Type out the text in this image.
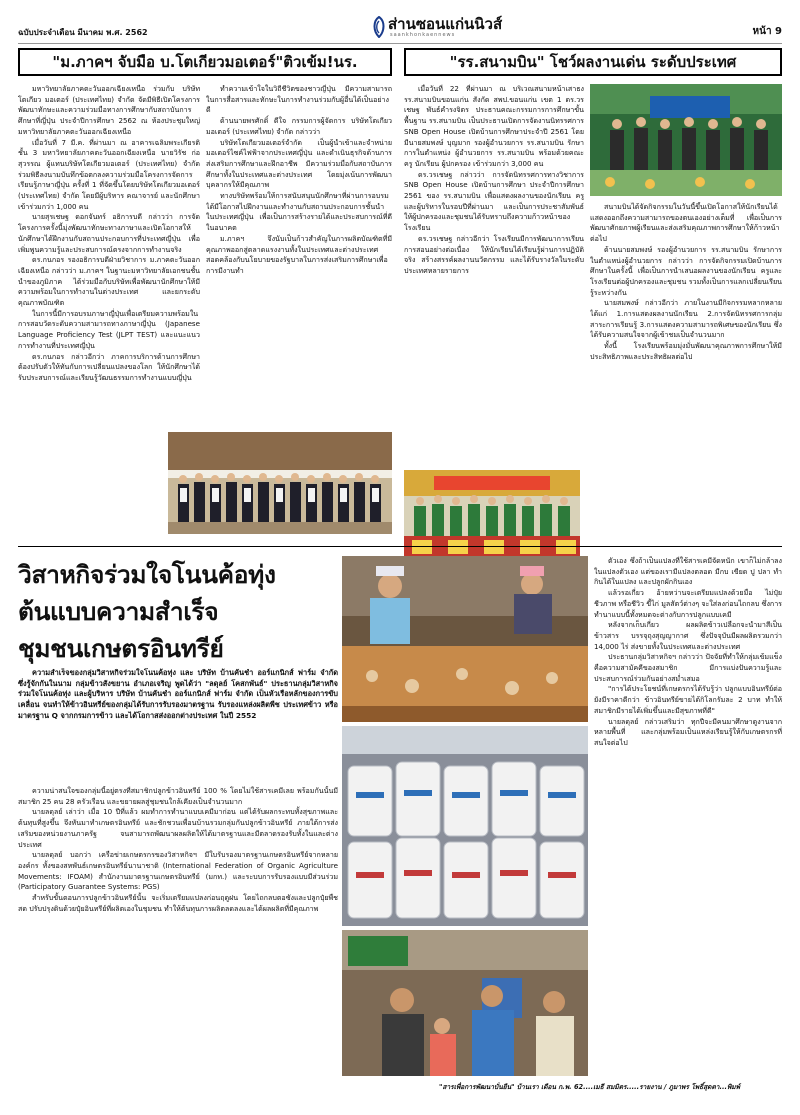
ฉบับประจำเดือน มีนาคม พ.ศ. 2562	ส่านซอนแก่นนิวส์
saankhonkaennews	หน้า 9
"ม.ภาคฯ จับมือ บ.โตเกียวมอเตอร์"ติวเข้ม!นร.	"รร.สนามบิน" โชว์ผลงานเด่น ระดับประเทศ

มหาวิทยาลัยภาคตะวันออกเฉียงเหนือ ร่วมกับ บริษัทโตเกียว มอเตอร์ (ประเทศไทย) จำกัด จัดมีพิธีเปิดโครงการพัฒนาทักษะและความร่วมมือทางการศึกษากับสถาบันการศึกษาที่ญี่ปุ่น ประจำปีการศึกษา 2562 ณ ห้องประชุมใหญ่ มหาวิทยาลัยภาคตะวันออกเฉียงเหนือ

เมื่อวันที่ 7 มี.ค. ที่ผ่านมา ณ อาคารเฉลิมพระเกียรติ ชั้น 3 มหาวิทยาลัยภาคตะวันออกเฉียงเหนือ นายวิรัช ก่อสุวรรณ ผู้แทนบริษัทโตเกียวมอเตอร์ (ประเทศไทย) จำกัด ร่วมพิธีลงนามบันทึกข้อตกลงความร่วมมือโครงการจัดการเรียนรู้ภาษาญี่ปุ่น ครั้งที่ 1 ที่จัดขึ้นโดยบริษัทโตเกียวมอเตอร์ (ประเทศไทย) จำกัด โดยมีผู้บริหาร คณาจารย์ และนักศึกษาเข้าร่วมกว่า 1,000 คน

นายสุรเชษฐ ดอกจันทร์ อธิการบดี กล่าวว่า การจัดโครงการครั้งนี้มุ่งพัฒนาทักษะทางภาษาและเปิดโอกาสให้นักศึกษาได้ฝึกงานกับสถานประกอบการที่ประเทศญี่ปุ่น เพื่อเพิ่มพูนความรู้และประสบการณ์ตรงจากการทำงานจริง

ดร.กนกอร รองอธิการบดีฝ่ายวิชาการ ม.ภาคตะวันออกเฉียงเหนือ กล่าวว่า ม.ภาคฯ ในฐานะมหาวิทยาลัยเอกชนชั้นนำของภูมิภาค ได้ร่วมมือกับบริษัทเพื่อพัฒนานักศึกษาให้มีความพร้อมในการทำงานในต่างประเทศ และยกระดับคุณภาพบัณฑิต

ในการนี้มีการอบรมภาษาญี่ปุ่นเพื่อเตรียมความพร้อมในการสอบวัดระดับความสามารถทางภาษาญี่ปุ่น (Japanese Language Proficiency Test (JLPT TEST) และแนะแนวการทำงานที่ประเทศญี่ปุ่น

ดร.กนกอร กล่าวอีกว่า ภาคการบริการด้านการศึกษาต้องปรับตัวให้ทันกับการเปลี่ยนแปลงของโลก ให้นักศึกษาได้รับประสบการณ์และเรียนรู้วัฒนธรรมการทำงานแบบญี่ปุ่น

ทำความเข้าใจในวิถีชีวิตของชาวญี่ปุ่น มีความสามารถในการสื่อสารและทักษะในการทำงานร่วมกับผู้อื่นได้เป็นอย่างดี

ด้านนายพรศักดิ์ ดีใจ กรรมการผู้จัดการ บริษัทโตเกียวมอเตอร์ (ประเทศไทย) จำกัด กล่าวว่า

บริษัทโตเกียวมอเตอร์จำกัด เป็นผู้นำเข้าและจำหน่ายมอเตอร์ไซค์ไฟฟ้าจากประเทศญี่ปุ่น และดำเนินธุรกิจด้านการส่งเสริมการศึกษาและฝึกอาชีพ มีความร่วมมือกับสถาบันการศึกษาทั้งในประเทศและต่างประเทศ โดยมุ่งเน้นการพัฒนาบุคลากรให้มีคุณภาพ

ทางบริษัทพร้อมให้การสนับสนุนนักศึกษาที่ผ่านการอบรมได้มีโอกาสไปฝึกงานและทำงานกับสถานประกอบการชั้นนำในประเทศญี่ปุ่น เพื่อเป็นการสร้างรายได้และประสบการณ์ที่ดีในอนาคต

ม.ภาคฯ จึงนับเป็นก้าวสำคัญในการผลิตบัณฑิตที่มีคุณภาพออกสู่ตลาดแรงงานทั้งในประเทศและต่างประเทศ สอดคล้องกับนโยบายของรัฐบาลในการส่งเสริมการศึกษาเพื่อการมีงานทำ

เมื่อวันที่ 22 ที่ผ่านมา ณ บริเวณสนามหน้าเสาธง รร.สนามบินขอนแก่น สังกัด สพป.ขอนแก่น เขต 1 ดร.วรเชษฐ พันธ์คำรงจิตร ประธานคณะกรรมการการศึกษาขั้นพื้นฐาน รร.สนามบิน เป็นประธานเปิดการจัดงานนิทรรศการ SNB Open House เปิดบ้านการศึกษาประจำปี 2561 โดยมีนายสมพงษ์ บุญมาก รองผู้อำนวยการ รร.สนามบิน รักษาการในตำแหน่ง ผู้อำนวยการ รร.สนามบิน พร้อมด้วยคณะครู นักเรียน ผู้ปกครอง เข้าร่วมกว่า 3,000 คน

ดร.วรเชษฐ กล่าวว่า การจัดนิทรรศการทางวิชาการ SNB Open House เปิดบ้านการศึกษา ประจำปีการศึกษา 2561 ของ รร.สนามบิน เพื่อแสดงผลงานของนักเรียน ครูและผู้บริหารในรอบปีที่ผ่านมา และเป็นการประชาสัมพันธ์ให้ผู้ปกครองและชุมชนได้รับทราบถึงความก้าวหน้าของโรงเรียน

ดร.วรเชษฐ กล่าวอีกว่า โรงเรียนมีการพัฒนาการเรียนการสอนอย่างต่อเนื่อง ให้นักเรียนได้เรียนรู้ผ่านการปฏิบัติจริง สร้างสรรค์ผลงานนวัตกรรม และได้รับรางวัลในระดับประเทศหลายรายการ

สนามบินได้จัดกิจกรรมในวันนี้ขึ้นเปิดโอกาสให้นักเรียนได้แสดงออกถึงความสามารถของตนเองอย่างเต็มที่ เพื่อเป็นการพัฒนาศักยภาพผู้เรียนและส่งเสริมคุณภาพการศึกษาให้ก้าวหน้าต่อไป

ด้านนายสมพงษ์ รองผู้อำนวยการ รร.สนามบิน รักษาการในตำแหน่งผู้อำนวยการ กล่าวว่า การจัดกิจกรรมเปิดบ้านการศึกษาในครั้งนี้ เพื่อเป็นการนำเสนอผลงานของนักเรียน ครูและโรงเรียนต่อผู้ปกครองและชุมชน รวมทั้งเป็นการแลกเปลี่ยนเรียนรู้ระหว่างกัน

นายสมพงษ์ กล่าวอีกว่า ภายในงานมีกิจกรรมหลากหลาย ได้แก่ 1.การแสดงผลงานนักเรียน 2.การจัดนิทรรศการกลุ่มสาระการเรียนรู้ 3.การแสดงความสามารถพิเศษของนักเรียน ซึ่งได้รับความสนใจจากผู้เข้าชมเป็นจำนวนมาก

ทั้งนี้ โรงเรียนพร้อมมุ่งมั่นพัฒนาคุณภาพการศึกษาให้มีประสิทธิภาพและประสิทธิผลต่อไป

วิสาหกิจร่วมใจโนนค้อทุ่ง
ต้นแบบความสำเร็จ
ชุมชนเกษตรอินทรีย์

ความสำเร็จของกลุ่มวิสาหกิจร่วมใจโนนค้อทุ่ง และ บริษัท บ้านคันชำ ออร์แกนิกส์ ฟาร์ม จำกัด ซึ่งรู้จักกันในนาม กลุ่มข้าวสังขยาน อำเภอเจริญ พูดได้ว่า "ลดุลย์ โคสกพันธ์" ประธานกลุ่มวิสาหกิจร่วมใจโนนค้อทุ่ง และผู้บริหาร บริษัท บ้านคันชำ ออร์แกนิกส์ ฟาร์ม จำกัด เป็นหัวเรือหลักของการขับเคลื่อน จนทำให้ข้าวอินทรีย์ของกลุ่มได้รับการรับรองมาตรฐาน รับรองแหล่งผลิตพืช ประเทศข้าว หรือมาตรฐาน Q จากกรมการข้าว และได้โอกาสส่งออกต่างประเทศ ในปี 2552

ความน่าสนใจของกลุ่มนี้อยู่ตรงที่สมาชิกปลูกข้าวอินทรีย์ 100 % โดยไม่ใช้สารเคมีเลย พร้อมกันนั้นมีสมาชิก 25 คน 28 ครัวเรือน และขยายผลสู่ชุมชนใกล้เคียงเป็นจำนวนมาก

นายลดุลย์ เล่าว่า เมื่อ 10 ปีที่แล้ว ผมทำการทำนาแบบเคมีมาก่อน แต่ได้รับผลกระทบทั้งสุขภาพและต้นทุนที่สูงขึ้น จึงหันมาทำเกษตรอินทรีย์ และชักชวนเพื่อนบ้านรวมกลุ่มกันปลูกข้าวอินทรีย์ ภายใต้การส่งเสริมของหน่วยงานภาครัฐ จนสามารถพัฒนาผลผลิตให้ได้มาตรฐานและมีตลาดรองรับทั้งในและต่างประเทศ

นายลดุลย์ บอกว่า เครือข่ายเกษตรกรของวิสาหกิจฯ มีใบรับรองมาตรฐานเกษตรอินทรีย์จากหลายองค์กร ทั้งของสหพันธ์เกษตรอินทรีย์นานาชาติ (International Federation of Organic Agriculture Movements: IFOAM) สำนักงานมาตรฐานเกษตรอินทรีย์ (มกท.) และระบบการรับรองแบบมีส่วนร่วม (Participatory Guarantee Systems: PGS)

สำหรับขั้นตอนการปลูกข้าวอินทรีย์นั้น จะเริ่มเตรียมแปลงก่อนฤดูฝน โดยไถกลบตอซังและปลูกปุ๋ยพืชสด ปรับปรุงดินด้วยปุ๋ยอินทรีย์ที่ผลิตเองในชุมชน ทำให้ต้นทุนการผลิตลดลงและได้ผลผลิตที่มีคุณภาพ

ตัวเอง ซึ่งถ้าเป็นแปลงที่ใช้สารเคมีจัดหนัก เขาก็ไม่กล้าลงในแปลงตัวเอง แต่ของเรามีแปลงตลอด มีกบ เขียด ปู ปลา ทำกินได้ในแปลง และปลูกผักกินเอง

แล้วรอเกี่ยว อ้ายหว่านจะเตรียมแปลงด้วยมือ ไม่ปุ๋ยชีวภาพ หรือชีวิว ขี้ไก่ มูลสัตว์ต่างๆ จะใส่ลงก่อนไถกลบ ซึ่งการทำนาแบบนี้ทั้งหมดจะต่างกับการปลูกแบบเคมี

หลังจากเก็บเกี่ยว ผลผลิตข้าวเปลือกจะนำมาสีเป็นข้าวสาร บรรจุถุงสุญญากาศ ซึ่งปัจจุบันมีผลผลิตรวมกว่า 14,000 ไร่ ส่งขายทั้งในประเทศและต่างประเทศ

ประธานกลุ่มวิสาหกิจฯ กล่าวว่า ปัจจัยที่ทำให้กลุ่มเข้มแข็งคือความสามัคคีของสมาชิก มีการแบ่งปันความรู้และประสบการณ์ร่วมกันอย่างสม่ำเสมอ

"การได้ประโยชน์ที่เกษตรกรได้รับรู้ว่า ปลูกแบบอินทรีย์ต่อยังมีราคาดีกว่า ข้าวอินทรีย์ขายได้กิโลกรัมละ 2 บาท ทำให้สมาชิกมีรายได้เพิ่มขึ้นและมีสุขภาพที่ดี"

นายลดุลย์ กล่าวเสริมว่า ทุกปีจะมีคนมาศึกษาดูงานจากหลายพื้นที่ และกลุ่มพร้อมเป็นแหล่งเรียนรู้ให้กับเกษตรกรที่สนใจต่อไป

"สารเพื่อการพัฒนาบั่นยืน" บ้านเรา เดือน ก.พ. 62....เมธี สมมิตร.....รายงาน / ภูมาพร โพธิ์สุดตา...พิมพ์
